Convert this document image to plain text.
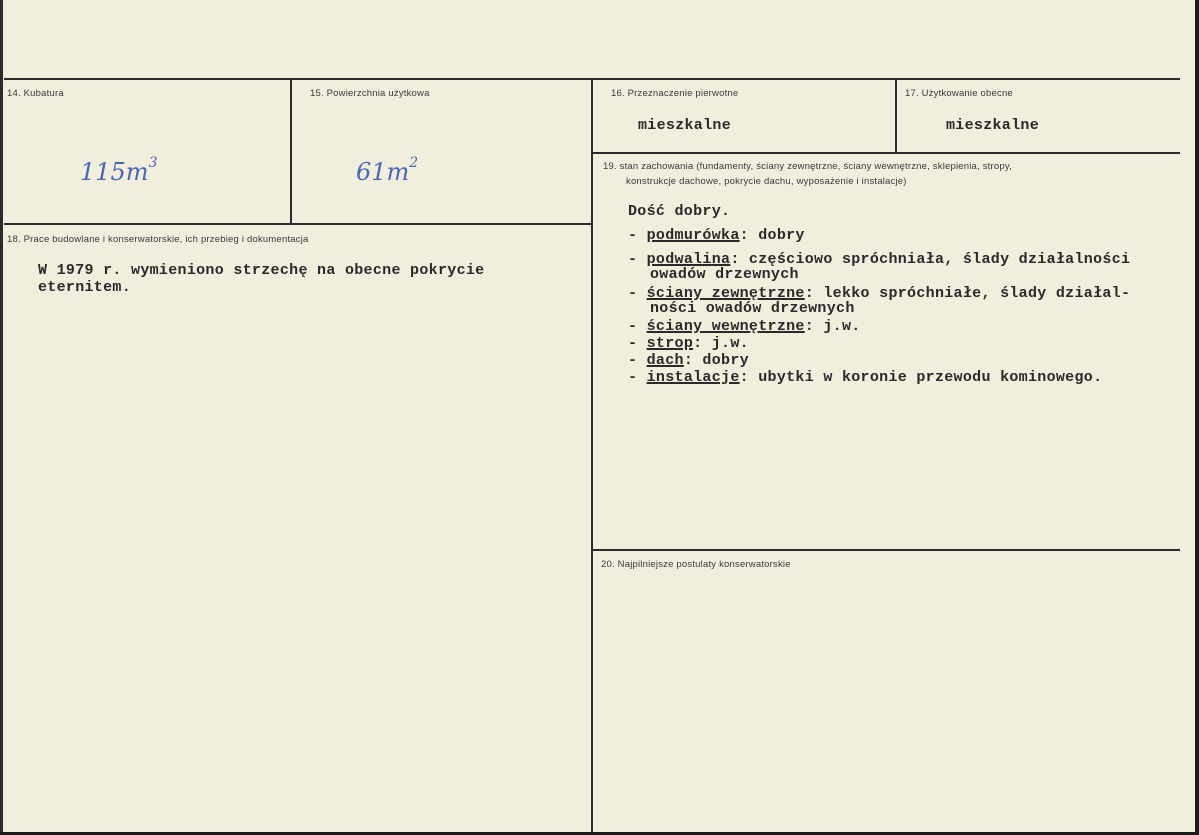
14. Kubatura
$115m^3$
15. Powierzchnia użytkowa
$61m^2$
16. Przeznaczenie pierwotne
mieszkalne
17. Użytkowanie obecne
mieszkalne
18. Prace budowlane i konserwatorskie, ich przebieg i dokumentacja
W 1979 r. wymieniono strzechę na obecne pokrycie
eternitem.
19. stan zachowania (fundamenty, ściany zewnętrzne, ściany wewnętrzne, sklepienia, stropy,
konstrukcje dachowe, pokrycie dachu, wyposażenie i instalacje)
Dość dobry.
- podmurówka: dobry
- podwalina: częściowo spróchniała, ślady działalności
owadów drzewnych
- ściany zewnętrzne: lekko spróchniałe, ślady działal-
ności owadów drzewnych
- ściany wewnętrzne: j.w.
- strop: j.w.
- dach: dobry
- instalacje: ubytki w koronie przewodu kominowego.
20. Najpilniejsze postulaty konserwatorskie
